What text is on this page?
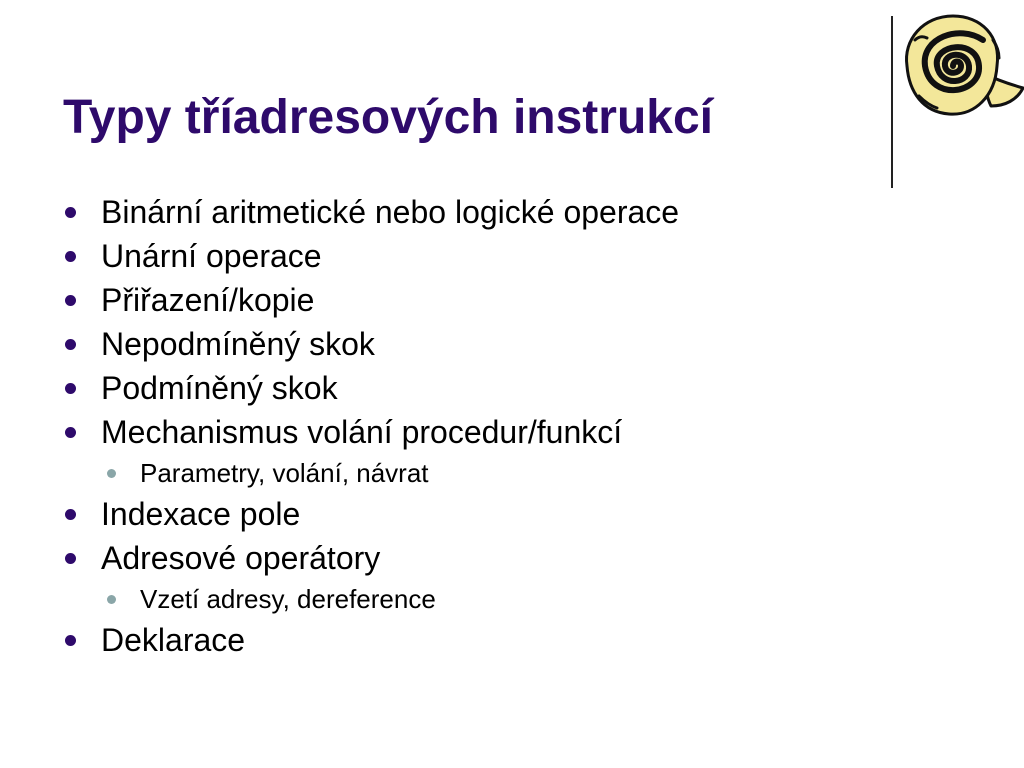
Typy tříadresových instrukcí
Binární aritmetické nebo logické operace
Unární operace
Přiřazení/kopie
Nepodmíněný skok
Podmíněný skok
Mechanismus volání procedur/funkcí
Parametry, volání, návrat
Indexace pole
Adresové operátory
Vzetí adresy, dereference
Deklarace
